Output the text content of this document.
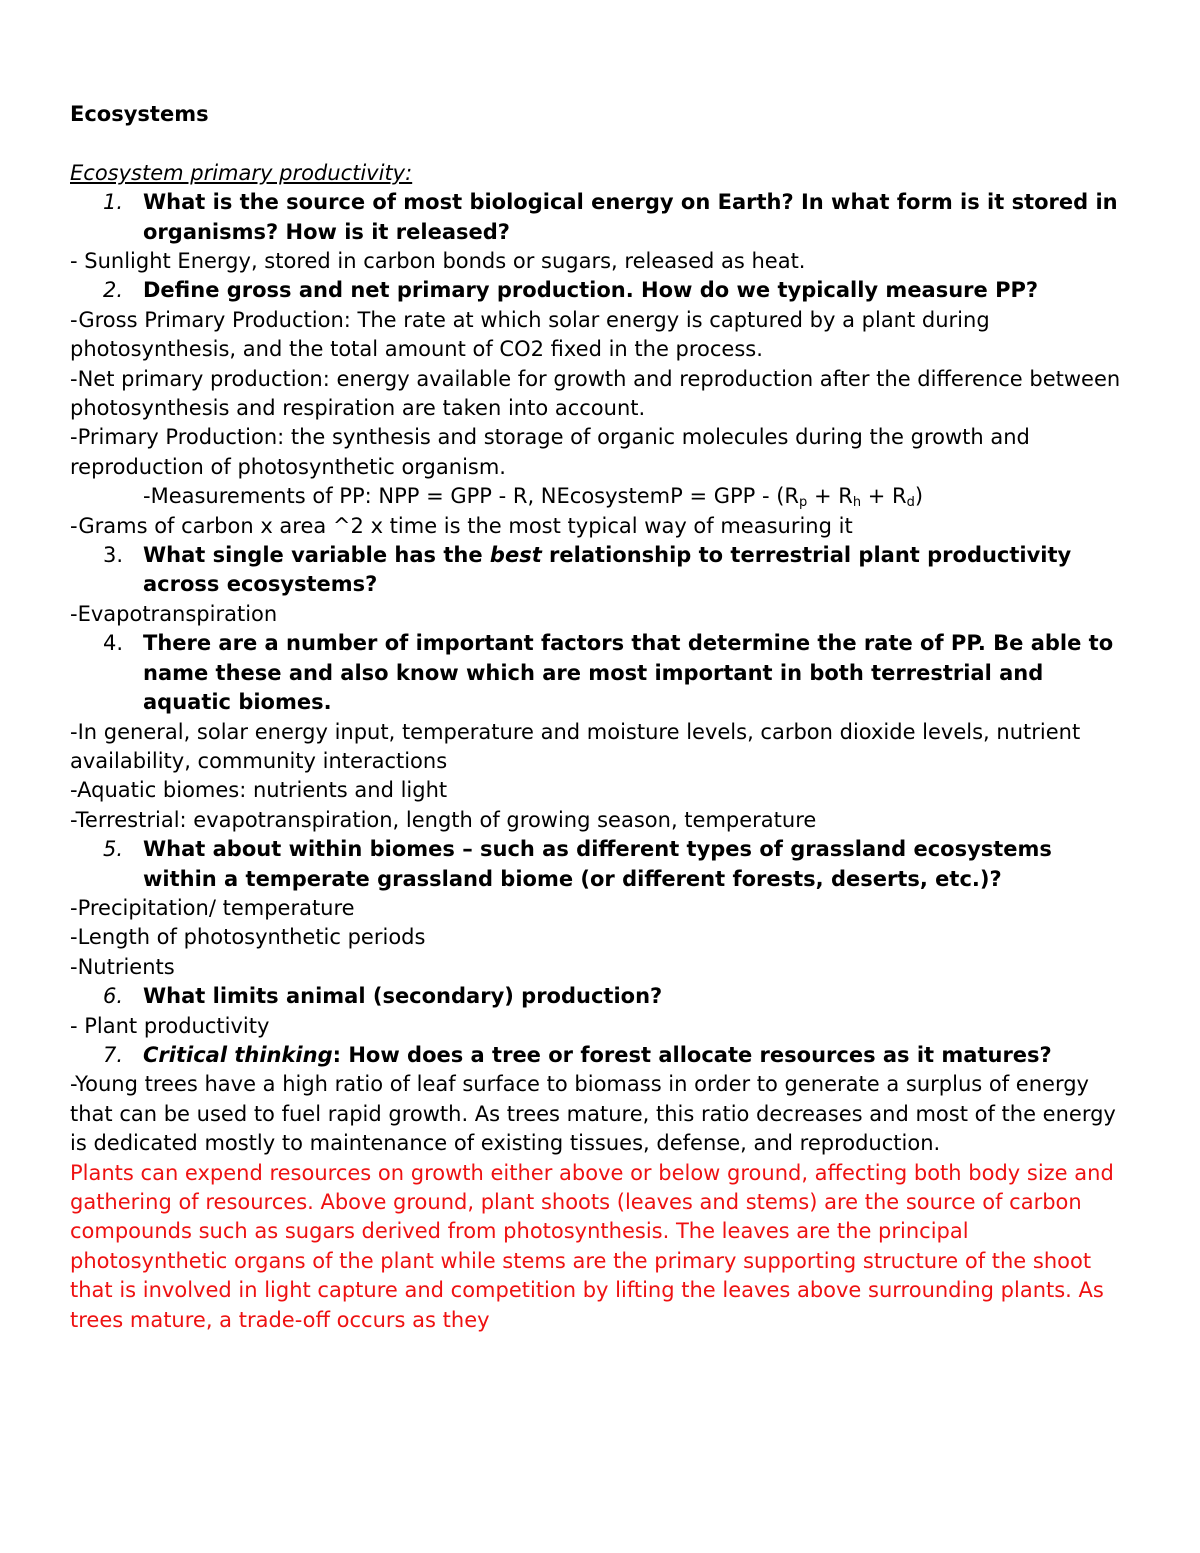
Ecosystems

Ecosystem primary productivity:

1. What is the source of most biological energy on Earth? In what form is it stored in organisms? How is it released?

- Sunlight Energy, stored in carbon bonds or sugars, released as heat.

2. Define gross and net primary production. How do we typically measure PP?

-Gross Primary Production: The rate at which solar energy is captured by a plant during photosynthesis, and the total amount of CO2 fixed in the process.

-Net primary production: energy available for growth and reproduction after the difference between photosynthesis and respiration are taken into account.

-Primary Production: the synthesis and storage of organic molecules during the growth and reproduction of photosynthetic organism.

-Measurements of PP: NPP = GPP - R, NEcosystemP = GPP - $(R_p + R_h + R_d)$

-Grams of carbon x area ^2 x time is the most typical way of measuring it

3. What single variable has the best relationship to terrestrial plant productivity across ecosystems?

-Evapotranspiration

4. There are a number of important factors that determine the rate of PP. Be able to name these and also know which are most important in both terrestrial and aquatic biomes.

-In general, solar energy input, temperature and moisture levels, carbon dioxide levels, nutrient availability, community interactions

-Aquatic biomes: nutrients and light

-Terrestrial: evapotranspiration, length of growing season, temperature

5. What about within biomes – such as different types of grassland ecosystems within a temperate grassland biome (or different forests, deserts, etc.)?

-Precipitation/ temperature

-Length of photosynthetic periods

-Nutrients

6. What limits animal (secondary) production?

- Plant productivity

7. Critical thinking: How does a tree or forest allocate resources as it matures?

-Young trees have a high ratio of leaf surface to biomass in order to generate a surplus of energy that can be used to fuel rapid growth. As trees mature, this ratio decreases and most of the energy is dedicated mostly to maintenance of existing tissues, defense, and reproduction.

Plants can expend resources on growth either above or below ground, affecting both body size and gathering of resources. Above ground, plant shoots (leaves and stems) are the source of carbon compounds such as sugars derived from photosynthesis. The leaves are the principal photosynthetic organs of the plant while stems are the primary supporting structure of the shoot that is involved in light capture and competition by lifting the leaves above surrounding plants. As trees mature, a trade-off occurs as they
